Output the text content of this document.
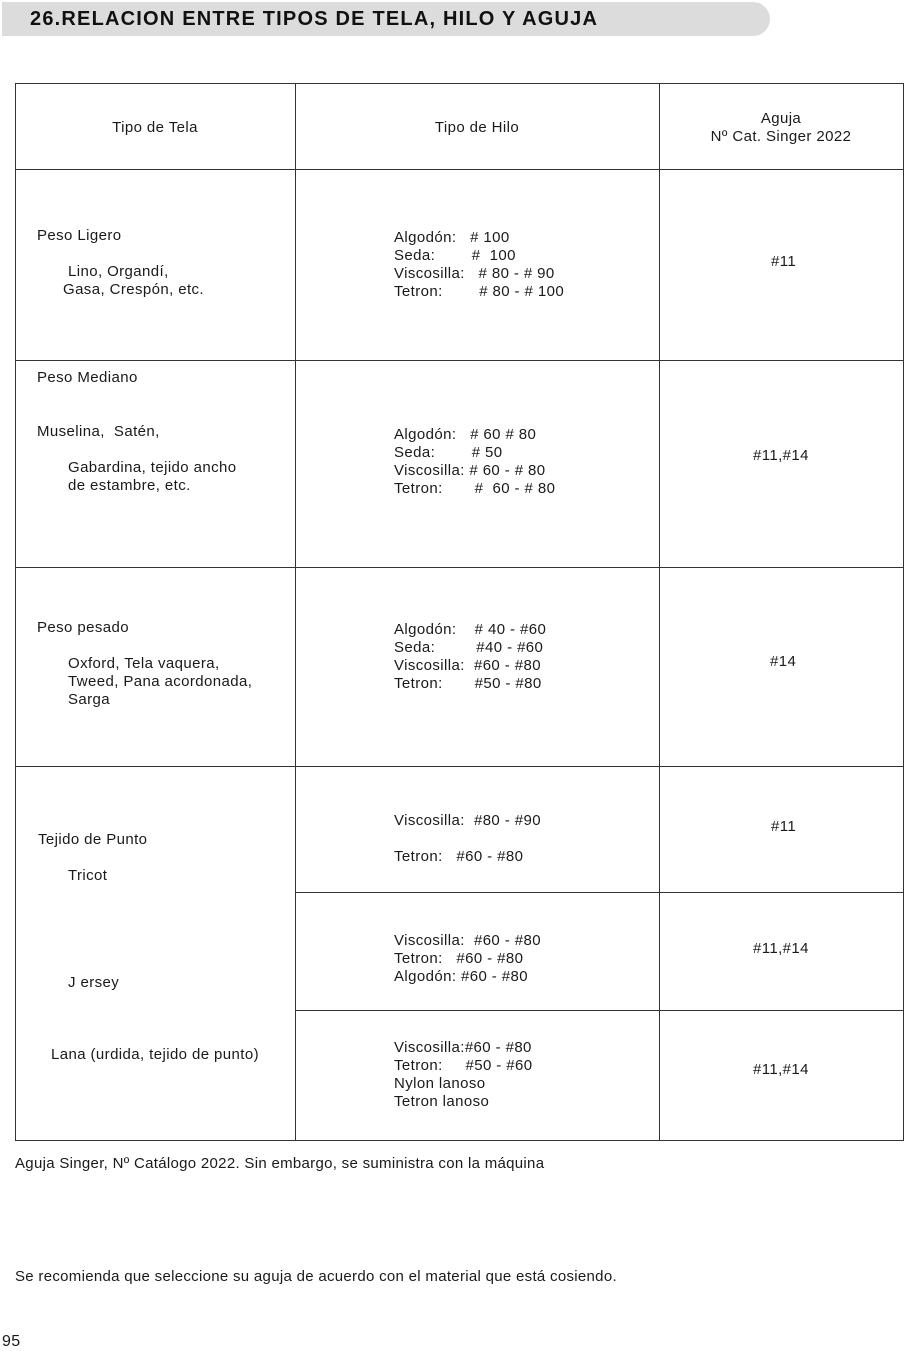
26.RELACION ENTRE TIPOS DE TELA, HILO Y AGUJA
Tipo de Tela	Tipo de Hilo
Aguja
Nº Cat. Singer 2022
Peso Ligero
Lino, Organdí,
Gasa, Crespón, etc.
Algodón:   # 100
Seda:        #  100
Viscosilla:   # 80 - # 90
Tetron:        # 80 - # 100
#11
Peso Mediano
Muselina,  Satén,
Gabardina, tejido ancho
de estambre, etc.
Algodón:   # 60 # 80
Seda:        # 50
Viscosilla: # 60 - # 80
Tetron:       #  60 - # 80
#11,#14
Peso pesado
Oxford, Tela vaquera,
Tweed, Pana acordonada,
Sarga
Algodón:    # 40 - #60
Seda:         #40 - #60
Viscosilla:  #60 - #80
Tetron:       #50 - #80
#14
Tejido de Punto
Tricot
J ersey
Lana (urdida, tejido de punto)
Viscosilla:  #80 - #90
Tetron:   #60 - #80
#11
Viscosilla:  #60 - #80
Tetron:   #60 - #80
Algodón: #60 - #80
#11,#14
Viscosilla:#60 - #80
Tetron:     #50 - #60
Nylon lanoso
Tetron lanoso
#11,#14
Aguja Singer, Nº Catálogo 2022. Sin embargo, se suministra con la máquina
Se recomienda que seleccione su aguja de acuerdo con el material que está cosiendo.
95
